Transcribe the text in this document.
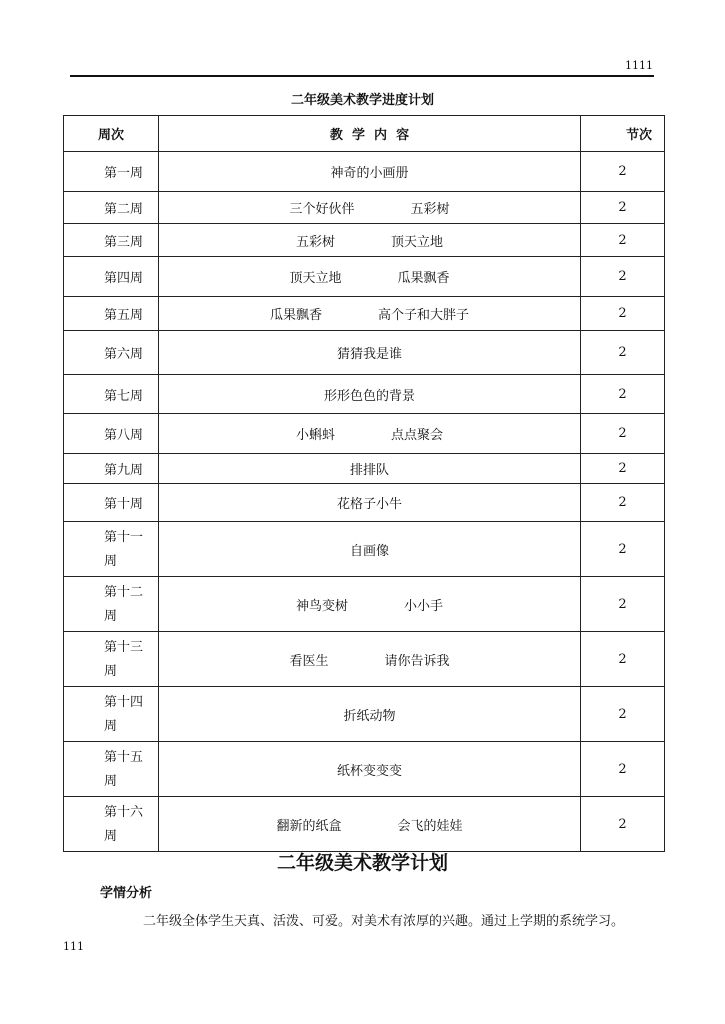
1111
二年级美术教学进度计划
周次	教  学  内  容	节次
第一周	神奇的小画册	2
第二周	三个好伙伴 五彩树	2
第三周	五彩树 顶天立地	2
第四周	顶天立地 瓜果飘香	2
第五周	瓜果飘香 高个子和大胖子	2
第六周	猜猜我是谁	2
第七周	形形色色的背景	2
第八周	小蝌蚪 点点聚会	2
第九周	排排队	2
第十周	花格子小牛	2

第十一
周	自画像	2

第十二
周	神鸟变树 小小手	2

第十三
周	看医生 请你告诉我	2

第十四
周	折纸动物	2

第十五
周	纸杯变变变	2

第十六
周	翻新的纸盒 会飞的娃娃	2
二年级美术教学计划
学情分析
二年级全体学生天真、活泼、可爱。对美术有浓厚的兴趣。通过上学期的系统学习。
111
